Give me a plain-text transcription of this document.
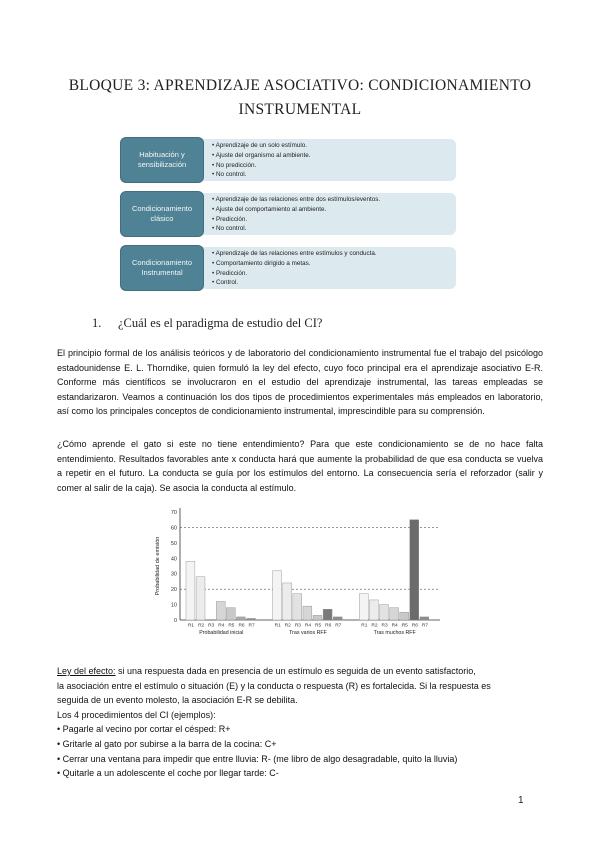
BLOQUE 3: APRENDIZAJE ASOCIATIVO: CONDICIONAMIENTO
INSTRUMENTAL
Habituación y sensibilización
• Aprendizaje de un solo estímulo.
• Ajuste del organismo al ambiente.
• No predicción.
• No control.
Condicionamiento clásico
• Aprendizaje de las relaciones entre dos estímulos/eventos.
• Ajuste del comportamiento al ambiente.
• Predicción.
• No control.
Condicionamiento Instrumental
• Aprendizaje de las relaciones entre estímulos y conducta.
• Comportamiento dirigido a metas.
• Predicción.
• Control.
1. ¿Cuál es el paradigma de estudio del CI?
El principio formal de los análisis teóricos y de laboratorio del condicionamiento instrumental fue el trabajo del psicólogo estadounidense E. L. Thorndike, quien formuló la ley del efecto, cuyo foco principal era el aprendizaje asociativo E-R. Conforme más científicos se involucraron en el estudio del aprendizaje instrumental, las tareas empleadas se estandarizaron. Veamos a continuación los dos tipos de procedimientos experimentales más empleados en laboratorio, así como los principales conceptos de condicionamiento instrumental, imprescindible para su comprensión.
¿Cómo aprende el gato si este no tiene entendimiento? Para que este condicionamiento se de no hace falta entendimiento. Resultados favorables ante x conducta hará que aumente la probabilidad de que esa conducta se vuelva a repetir en el futuro. La conducta se guía por los estímulos del entorno. La consecuencia sería el reforzador (salir y comer al salir de la caja). Se asocia la conducta al estímulo.
Probabilidad de emisión
70
60
50
40
30
20
10
0
R1 R2 R3 R4 R5 R6 R7
Probabilidad inicial
R1 R2 R3 R4 R5 R6 R7
Tras varios RFF
R1 R2 R3 R4 R5 R6 R7
Tras muchos RFF
Ley del efecto: si una respuesta dada en presencia de un estímulo es seguida de un evento satisfactorio,
la asociación entre el estímulo o situación (E) y la conducta o respuesta (R) es fortalecida. Si la respuesta es
seguida de un evento molesto, la asociación E-R se debilita.
Los 4 procedimientos del CI (ejemplos):
• Pagarle al vecino por cortar el césped: R+
• Gritarle al gato por subirse a la barra de la cocina: C+
• Cerrar una ventana para impedir que entre lluvia: R- (me libro de algo desagradable, quito la lluvia)
• Quitarle a un adolescente el coche por llegar tarde: C-
1
